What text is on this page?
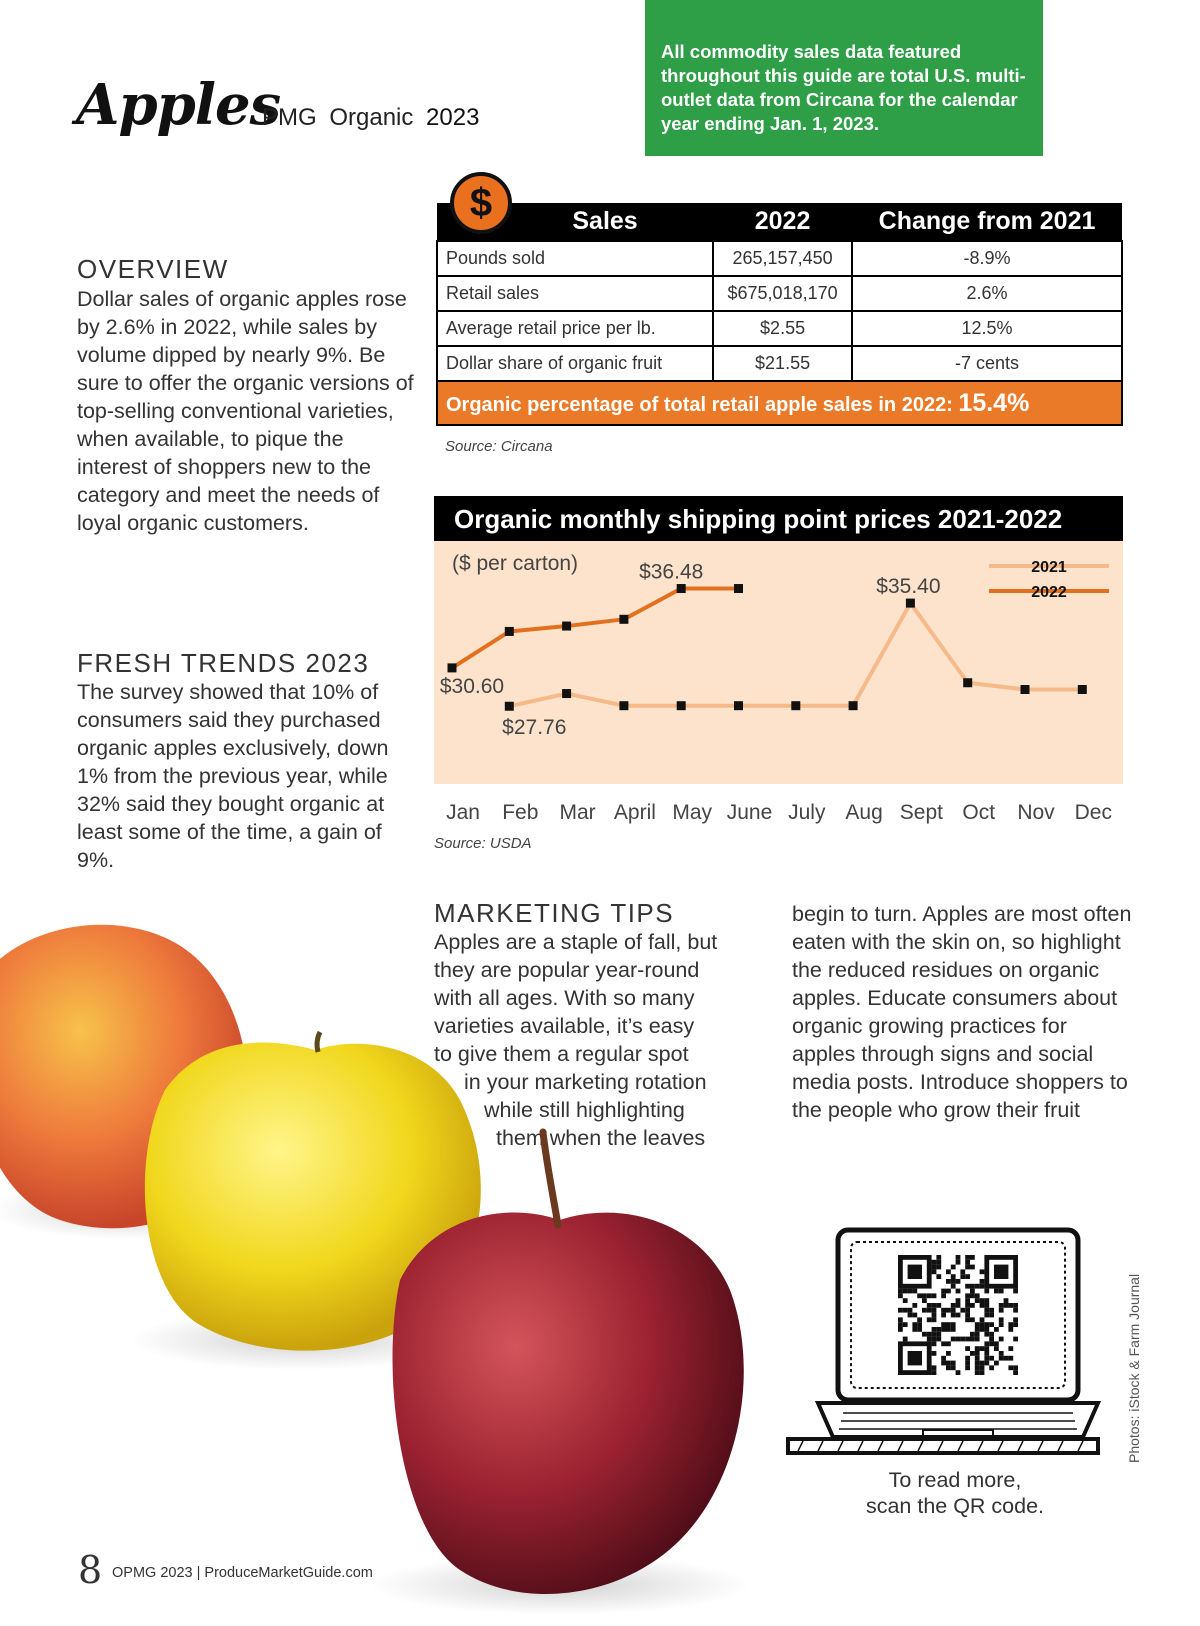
Apples
PMG Organic 2023
All commodity sales data featured throughout this guide are total U.S. multi-outlet data from Circana for the calendar year ending Jan. 1, 2023.
OVERVIEW
Dollar sales of organic apples rose by 2.6% in 2022, while sales by volume dipped by nearly 9%. Be sure to offer the organic versions of top-selling conventional varieties, when available, to pique the interest of shoppers new to the category and meet the needs of loyal organic customers.
FRESH TRENDS 2023
The survey showed that 10% of consumers said they purchased organic apples exclusively, down 1% from the previous year, while 32% said they bought organic at least some of the time, a gain of 9%.
$	Sales	2022	Change from 2021
Pounds sold	265,157,450	-8.9%
Retail sales	$675,018,170	2.6%
Average retail price per lb.	$2.55	12.5%
Dollar share of organic fruit	$21.55	-7 cents
Organic percentage of total retail apple sales in 2022: 15.4%		
Source: Circana
Organic monthly shipping point prices 2021-2022
($ per carton)	2021
2022
$30.60
$27.76
$36.48
$35.40
Jan Feb Mar April May June July Aug Sept Oct Nov Dec
Source: USDA
MARKETING TIPS
Apples are a staple of fall, but
they are popular year-round
with all ages. With so many
varieties available, it’s easy
to give them a regular spot
in your marketing rotation
while still highlighting
them when the leaves
begin to turn. Apples are most often eaten with the skin on, so highlight the reduced residues on organic apples. Educate consumers about organic growing practices for apples through signs and social media posts. Introduce shoppers to the people who grow their fruit
To read more,
scan the QR code.
Photos: iStock & Farm Journal
8 OPMG 2023 | ProduceMarketGuide.com
